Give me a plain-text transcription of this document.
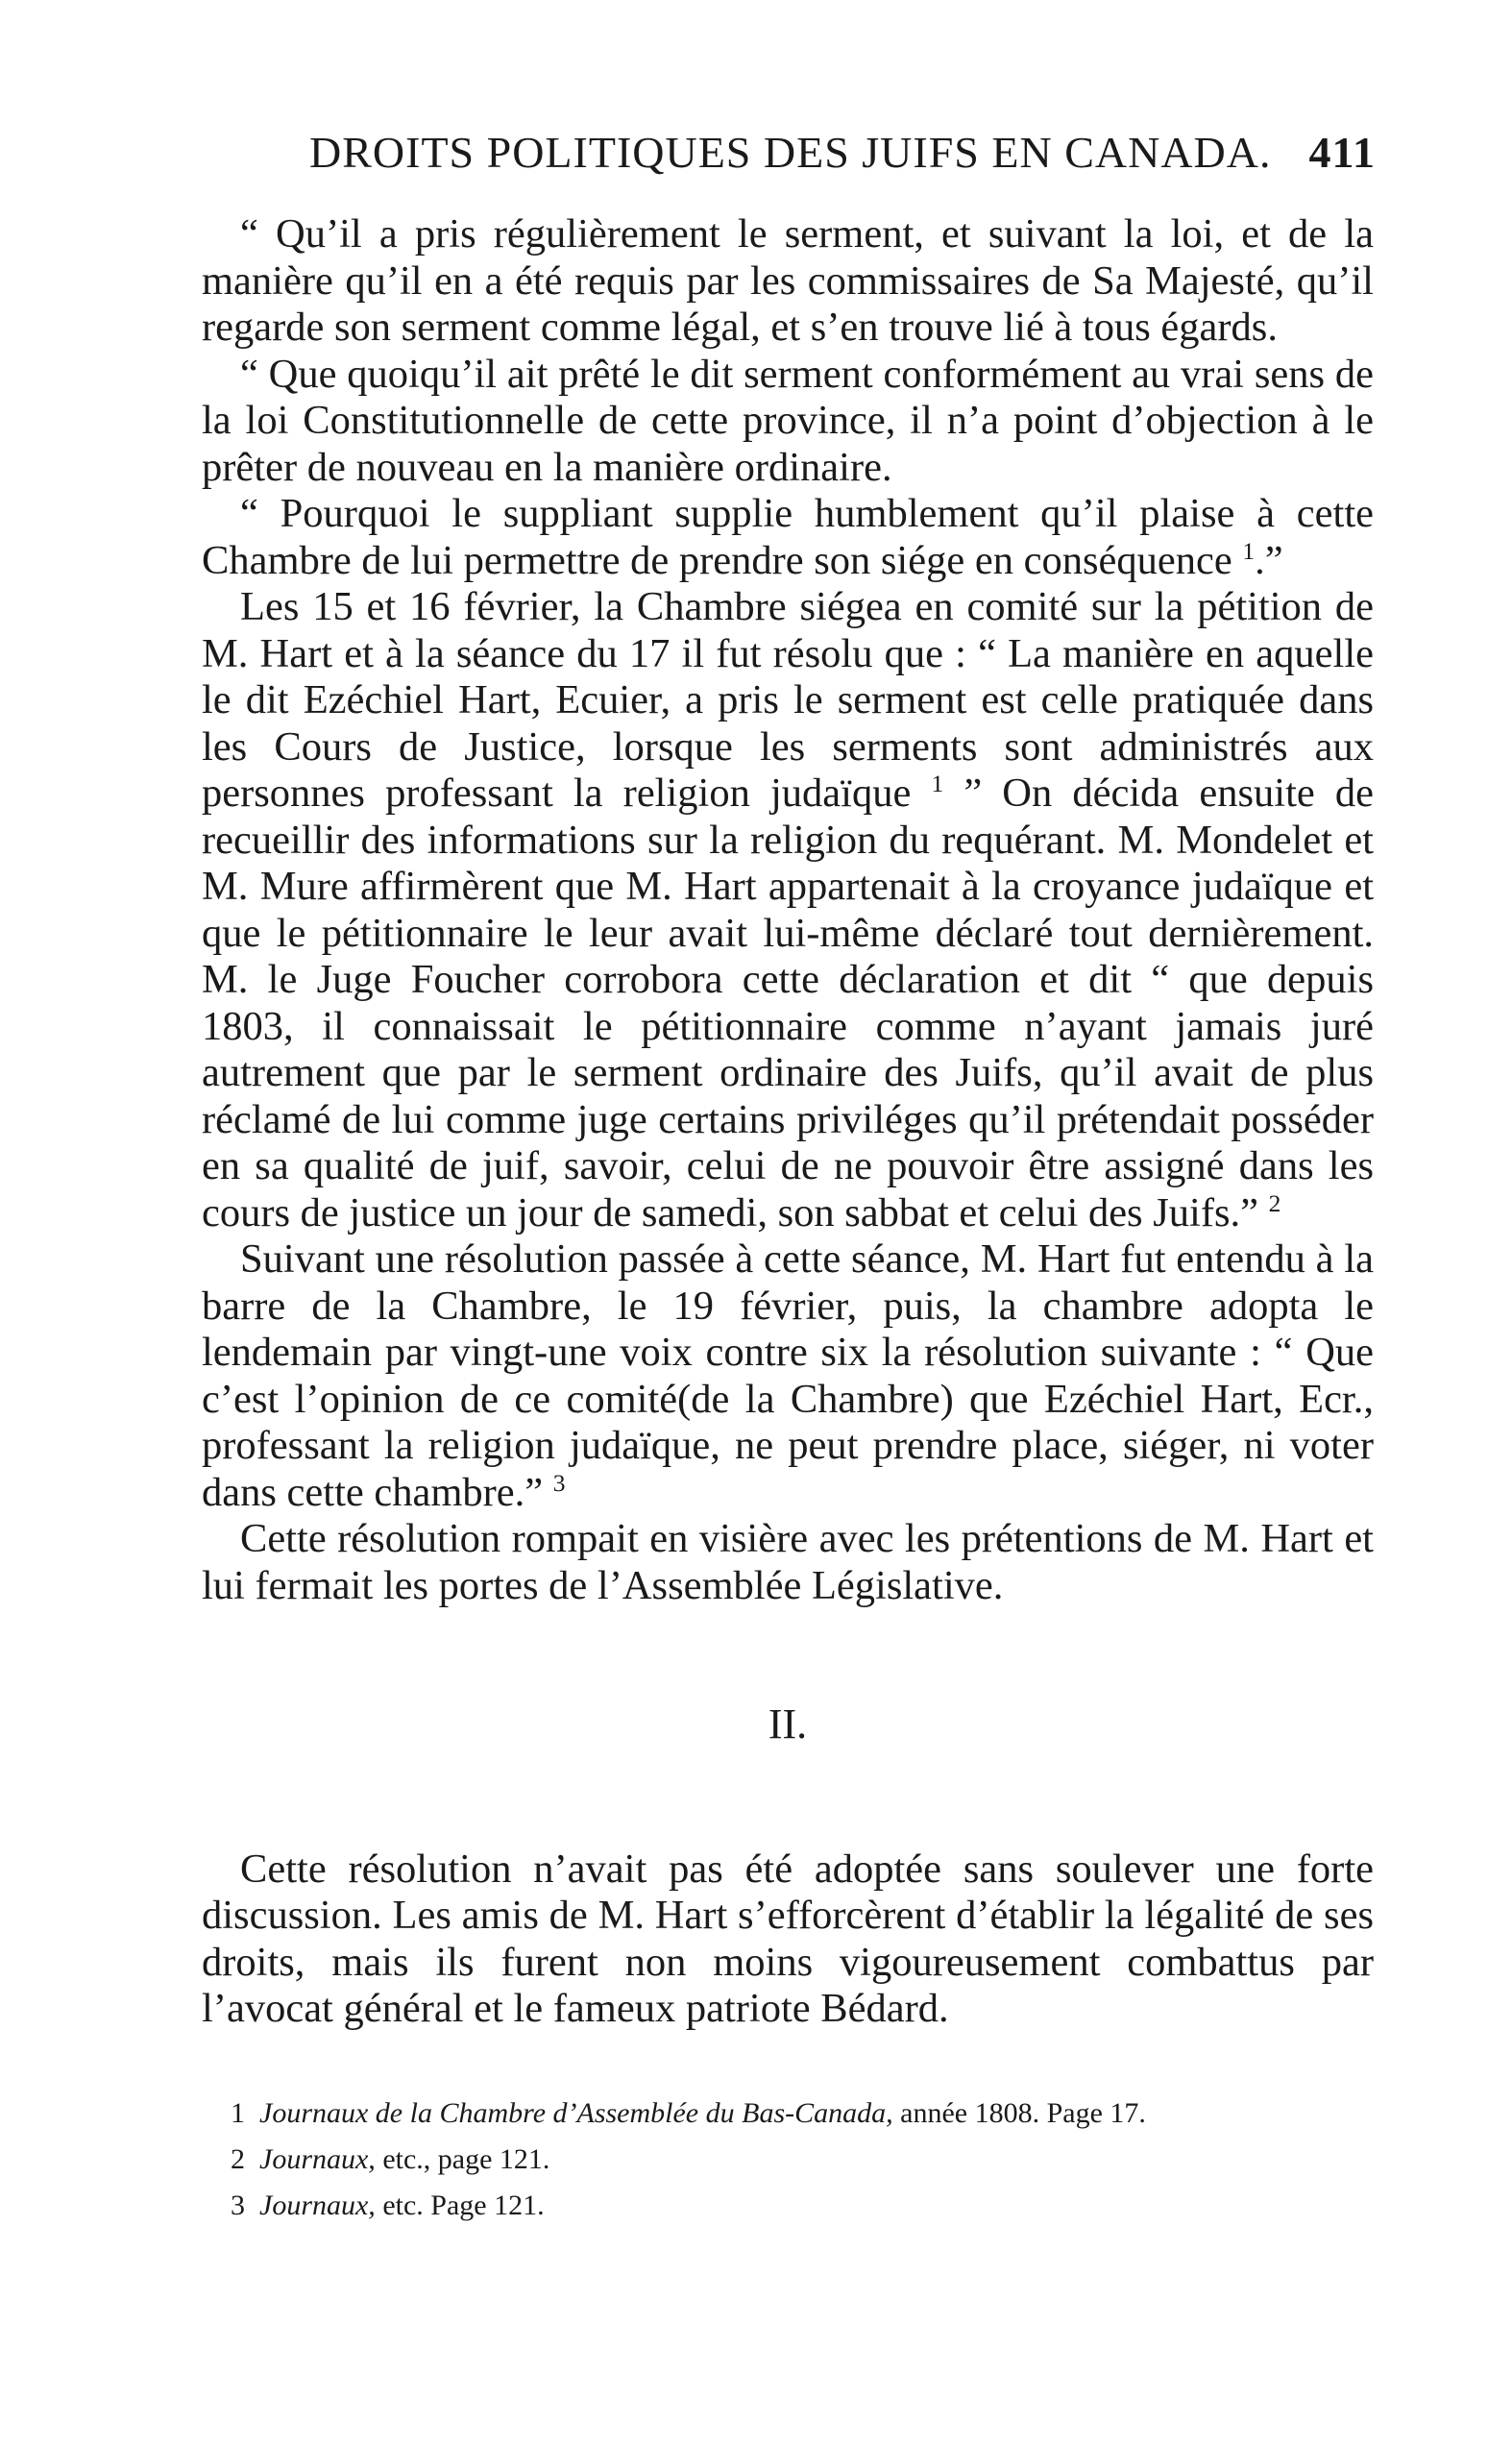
DROITS POLITIQUES DES JUIFS EN CANADA. 411

“ Qu’il a pris régulièrement le serment, et suivant la loi, et de la manière qu’il en a été requis par les commissaires de Sa Majesté, qu’il regarde son serment comme légal, et s’en trouve lié à tous égards.

“ Que quoiqu’il ait prêté le dit serment conformément au vrai sens de la loi Constitutionnelle de cette province, il n’a point d’objection à le prêter de nouveau en la manière ordinaire.

“ Pourquoi le suppliant supplie humblement qu’il plaise à cette Chambre de lui permettre de prendre son siége en conséquence $^1$.”

Les 15 et 16 février, la Chambre siégea en comité sur la pétition de M. Hart et à la séance du 17 il fut résolu que : “ La manière en aquelle le dit Ezéchiel Hart, Ecuier, a pris le serment est celle pratiquée dans les Cours de Justice, lorsque les serments sont administrés aux personnes professant la religion judaïque $^1$ ” On décida ensuite de recueillir des informations sur la religion du requérant. M. Mondelet et M. Mure affirmèrent que M. Hart appartenait à la croyance judaïque et que le pétitionnaire le leur avait lui-même déclaré tout dernièrement. M. le Juge Foucher corrobora cette déclaration et dit “ que depuis 1803, il connaissait le pétitionnaire comme n’ayant jamais juré autrement que par le serment ordinaire des Juifs, qu’il avait de plus réclamé de lui comme juge certains priviléges qu’il prétendait posséder en sa qualité de juif, savoir, celui de ne pouvoir être assigné dans les cours de justice un jour de samedi, son sabbat et celui des Juifs.” $^2$

Suivant une résolution passée à cette séance, M. Hart fut entendu à la barre de la Chambre, le 19 février, puis, la chambre adopta le lendemain par vingt-une voix contre six la résolution suivante : “ Que c’est l’opinion de ce comité(de la Chambre) que Ezéchiel Hart, Ecr., professant la religion judaïque, ne peut prendre place, siéger, ni voter dans cette chambre.” $^3$

Cette résolution rompait en visière avec les prétentions de M. Hart et lui fermait les portes de l’Assemblée Législative.

II.

Cette résolution n’avait pas été adoptée sans soulever une forte discussion. Les amis de M. Hart s’efforcèrent d’établir la légalité de ses droits, mais ils furent non moins vigoureusement combattus par l’avocat général et le fameux patriote Bédard.

1 Journaux de la Chambre d’Assemblée du Bas-Canada, année 1808. Page 17.
2 Journaux, etc., page 121.
3 Journaux, etc. Page 121.
